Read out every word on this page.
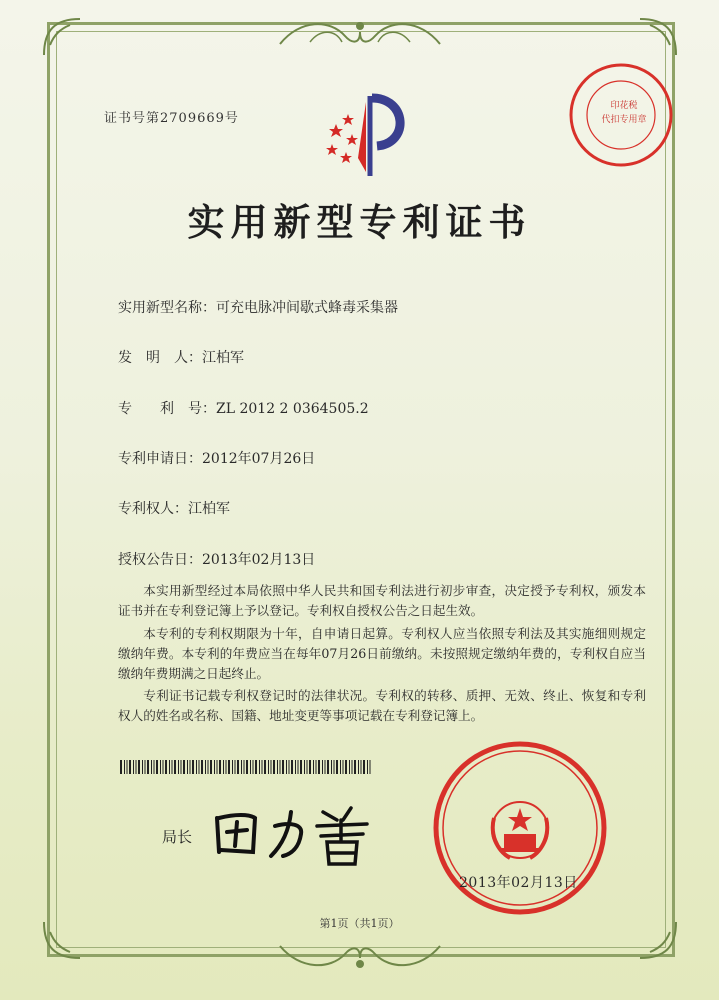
证书号第2709669号
印花税
代扣专用章
实用新型专利证书
实用新型名称：可充电脉冲间歇式蜂毒采集器
发　明　人：江柏军
专　　利　号：ZL 2012 2 0364505.2
专利申请日：2012年07月26日
专利权人：江柏军
授权公告日：2013年02月13日
本实用新型经过本局依照中华人民共和国专利法进行初步审查，决定授予专利权，颁发本证书并在专利登记簿上予以登记。专利权自授权公告之日起生效。
本专利的专利权期限为十年，自申请日起算。专利权人应当依照专利法及其实施细则规定缴纳年费。本专利的年费应当在每年07月26日前缴纳。未按照规定缴纳年费的，专利权自应当缴纳年费期满之日起终止。
专利证书记载专利权登记时的法律状况。专利权的转移、质押、无效、终止、恢复和专利权人的姓名或名称、国籍、地址变更等事项记载在专利登记簿上。
局长
2013年02月13日
第1页（共1页）
